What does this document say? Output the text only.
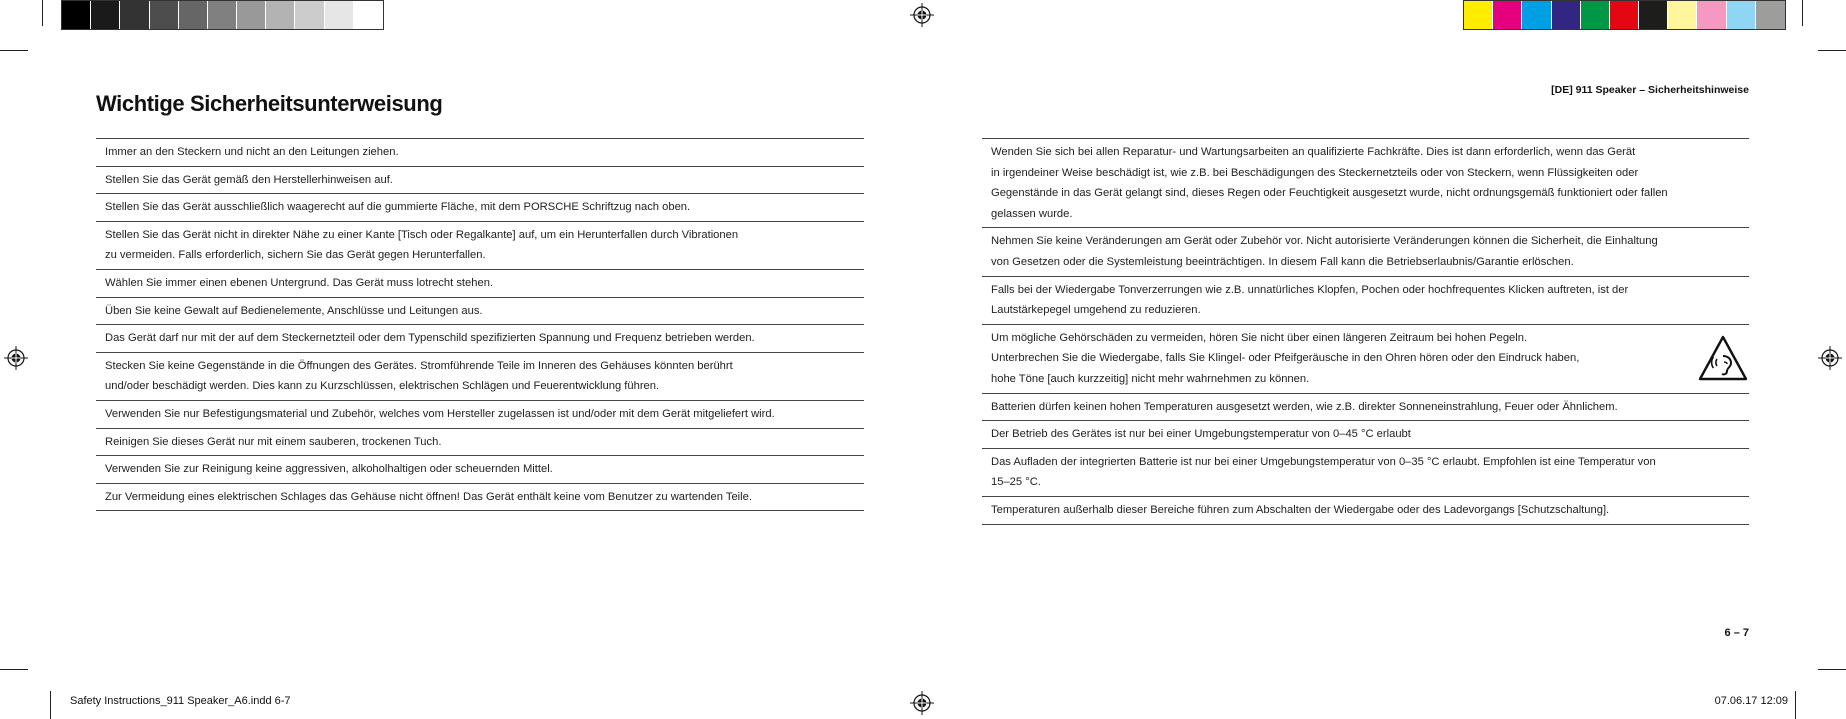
Wichtige Sicherheitsunterweisung
[DE] 911 Speaker – Sicherheitshinweise
6 – 7
Immer an den Steckern und nicht an den Leitungen ziehen.
Stellen Sie das Gerät gemäß den Herstellerhinweisen auf.
Stellen Sie das Gerät ausschließlich waagerecht auf die gummierte Fläche, mit dem PORSCHE Schriftzug nach oben.
Stellen Sie das Gerät nicht in direkter Nähe zu einer Kante [Tisch oder Regalkante] auf, um ein Herunterfallen durch Vibrationen
zu vermeiden. Falls erforderlich, sichern Sie das Gerät gegen Herunterfallen.
Wählen Sie immer einen ebenen Untergrund. Das Gerät muss lotrecht stehen.
Üben Sie keine Gewalt auf Bedienelemente, Anschlüsse und Leitungen aus.
Das Gerät darf nur mit der auf dem Steckernetzteil oder dem Typenschild spezifizierten Spannung und Frequenz betrieben werden.
Stecken Sie keine Gegenstände in die Öffnungen des Gerätes. Stromführende Teile im Inneren des Gehäuses könnten berührt
und/oder beschädigt werden. Dies kann zu Kurzschlüssen, elektrischen Schlägen und Feuerentwicklung führen.
Verwenden Sie nur Befestigungsmaterial und Zubehör, welches vom Hersteller zugelassen ist und/oder mit dem Gerät mitgeliefert wird.
Reinigen Sie dieses Gerät nur mit einem sauberen, trockenen Tuch.
Verwenden Sie zur Reinigung keine aggressiven, alkoholhaltigen oder scheuernden Mittel.
Zur Vermeidung eines elektrischen Schlages das Gehäuse nicht öffnen! Das Gerät enthält keine vom Benutzer zu wartenden Teile.
Wenden Sie sich bei allen Reparatur- und Wartungsarbeiten an qualifizierte Fachkräfte. Dies ist dann erforderlich, wenn das Gerät
in irgendeiner Weise beschädigt ist, wie z.B. bei Beschädigungen des Steckernetzteils oder von Steckern, wenn Flüssigkeiten oder
Gegenstände in das Gerät gelangt sind, dieses Regen oder Feuchtigkeit ausgesetzt wurde, nicht ordnungsgemäß funktioniert oder fallen
gelassen wurde.
Nehmen Sie keine Veränderungen am Gerät oder Zubehör vor. Nicht autorisierte Veränderungen können die Sicherheit, die Einhaltung
von Gesetzen oder die Systemleistung beeinträchtigen. In diesem Fall kann die Betriebserlaubnis/Garantie erlöschen.
Falls bei der Wiedergabe Tonverzerrungen wie z.B. unnatürliches Klopfen, Pochen oder hochfrequentes Klicken auftreten, ist der
Lautstärkepegel umgehend zu reduzieren.
Um mögliche Gehörschäden zu vermeiden, hören Sie nicht über einen längeren Zeitraum bei hohen Pegeln.
Unterbrechen Sie die Wiedergabe, falls Sie Klingel- oder Pfeifgeräusche in den Ohren hören oder den Eindruck haben,
hohe Töne [auch kurzzeitig] nicht mehr wahrnehmen zu können.
Batterien dürfen keinen hohen Temperaturen ausgesetzt werden, wie z.B. direkter Sonneneinstrahlung, Feuer oder Ähnlichem.
Der Betrieb des Gerätes ist nur bei einer Umgebungstemperatur von 0–45 °C erlaubt
Das Aufladen der integrierten Batterie ist nur bei einer Umgebungstemperatur von 0–35 °C erlaubt. Empfohlen ist eine Temperatur von
15–25 °C.
Temperaturen außerhalb dieser Bereiche führen zum Abschalten der Wiedergabe oder des Ladevorgangs [Schutzschaltung].
Safety Instructions_911 Speaker_A6.indd 6-7	07.06.17 12:09
